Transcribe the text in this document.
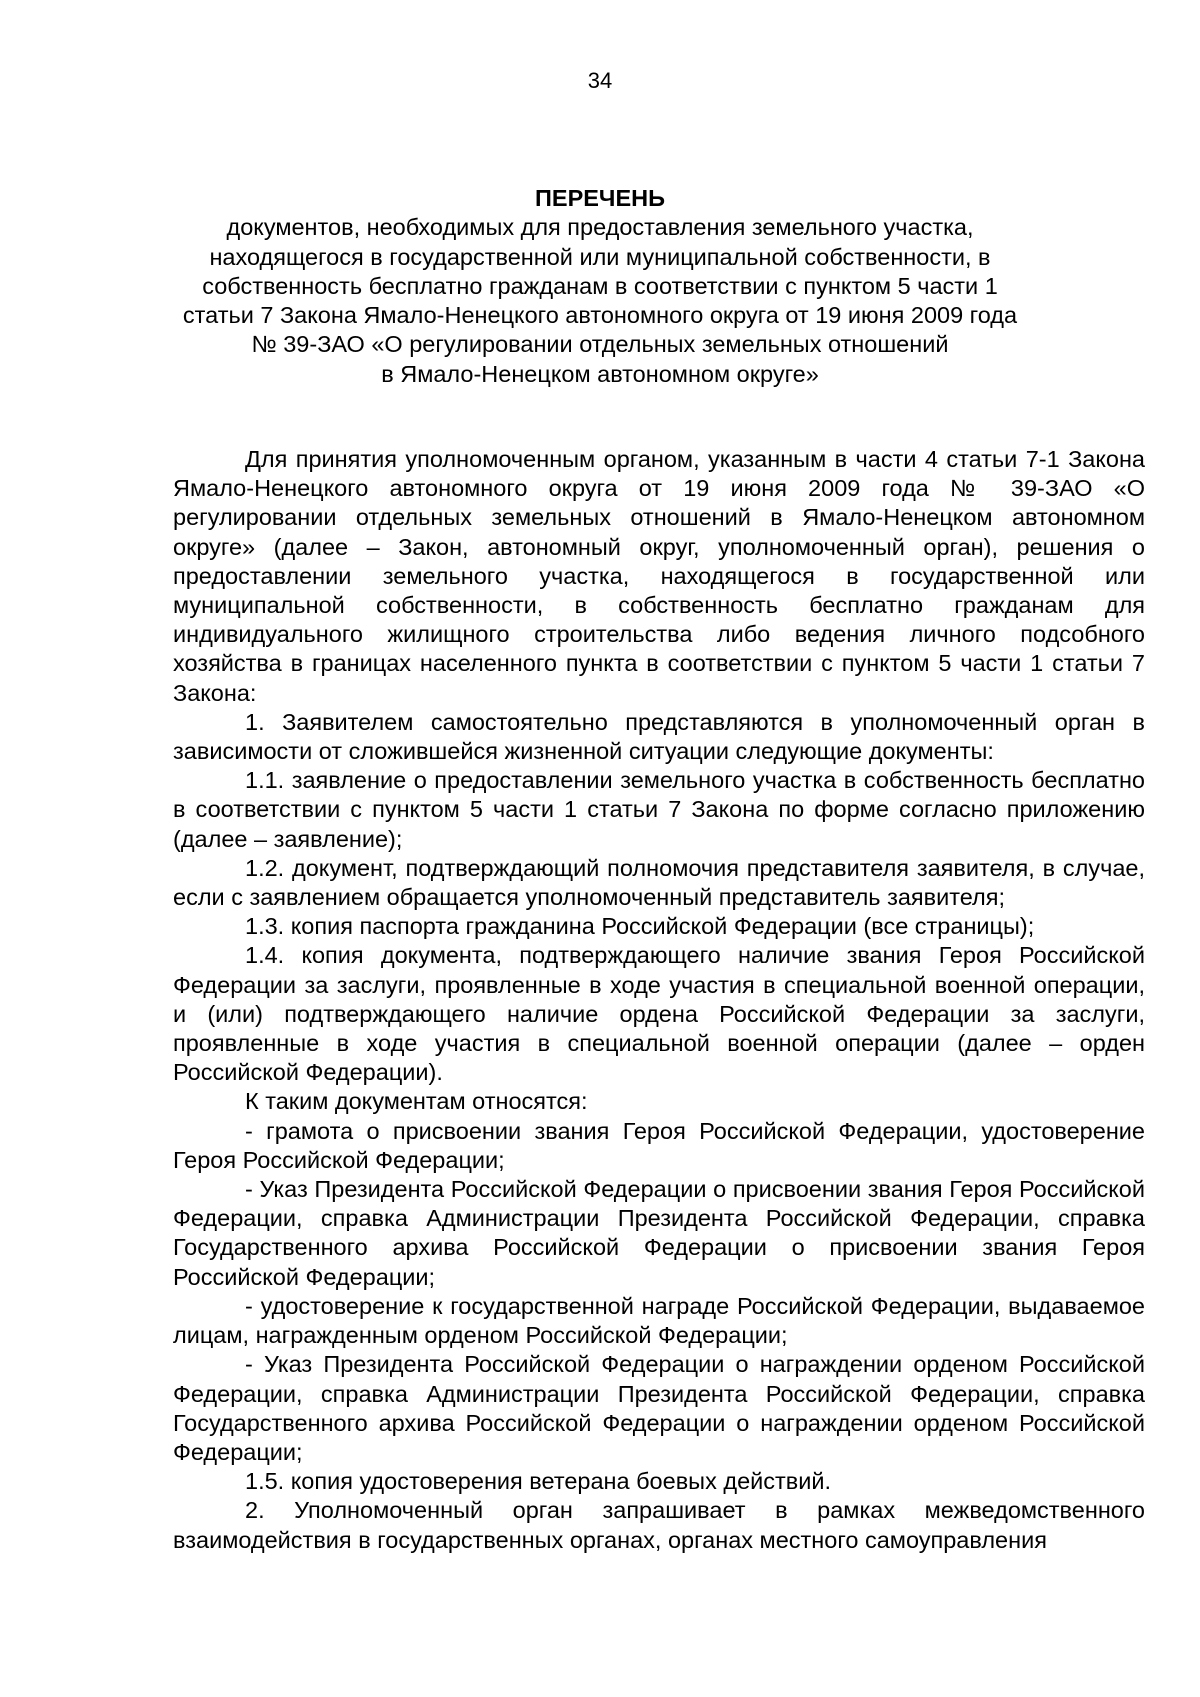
34
ПЕРЕЧЕНЬ
документов, необходимых для предоставления земельного участка,
находящегося в государственной или муниципальной собственности, в
собственность бесплатно гражданам в соответствии с пунктом 5 части 1
статьи 7 Закона Ямало-Ненецкого автономного округа от 19 июня 2009 года
№ 39-ЗАО «О регулировании отдельных земельных отношений
в Ямало-Ненецком автономном округе»

Для принятия уполномоченным органом, указанным в части 4 статьи 7-1 Закона Ямало-Ненецкого автономного округа от 19 июня 2009 года № 39-ЗАО «О регулировании отдельных земельных отношений в Ямало-Ненецком автономном округе» (далее – Закон, автономный округ, уполномоченный орган), решения о предоставлении земельного участка, находящегося в государственной или муниципальной собственности, в собственность бесплатно гражданам для индивидуального жилищного строительства либо ведения личного подсобного хозяйства в границах населенного пункта в соответствии с пунктом 5 части 1 статьи 7 Закона:

1. Заявителем самостоятельно представляются в уполномоченный орган в зависимости от сложившейся жизненной ситуации следующие документы:

1.1. заявление о предоставлении земельного участка в собственность бесплатно в соответствии с пунктом 5 части 1 статьи 7 Закона по форме согласно приложению (далее – заявление);

1.2. документ, подтверждающий полномочия представителя заявителя, в случае, если с заявлением обращается уполномоченный представитель заявителя;

1.3. копия паспорта гражданина Российской Федерации (все страницы);

1.4. копия документа, подтверждающего наличие звания Героя Российской Федерации за заслуги, проявленные в ходе участия в специальной военной операции, и (или) подтверждающего наличие ордена Российской Федерации за заслуги, проявленные в ходе участия в специальной военной операции (далее – орден Российской Федерации).

К таким документам относятся:

- грамота о присвоении звания Героя Российской Федерации, удостоверение Героя Российской Федерации;

- Указ Президента Российской Федерации о присвоении звания Героя Российской Федерации, справка Администрации Президента Российской Федерации, справка Государственного архива Российской Федерации о присвоении звания Героя Российской Федерации;

- удостоверение к государственной награде Российской Федерации, выдаваемое лицам, награжденным орденом Российской Федерации;

- Указ Президента Российской Федерации о награждении орденом Российской Федерации, справка Администрации Президента Российской Федерации, справка Государственного архива Российской Федерации о награждении орденом Российской Федерации;

1.5. копия удостоверения ветерана боевых действий.

2. Уполномоченный орган запрашивает в рамках межведомственного взаимодействия в государственных органах, органах местного самоуправления
